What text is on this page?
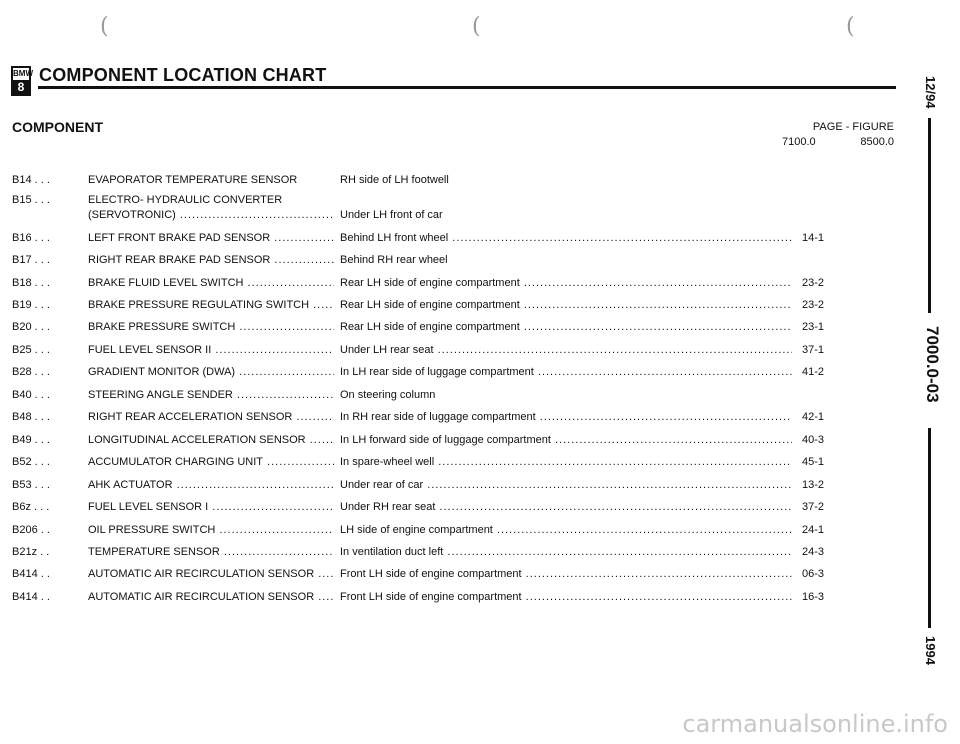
(	(	(
BMW
8
COMPONENT LOCATION CHART
COMPONENT	PAGE - FIGURE
7100.0	8500.0
B14 . . .	EVAPORATOR TEMPERATURE SENSOR	RH side of LH footwell
B15 . . .	ELECTRO- HYDRAULIC CONVERTER
(SERVOTRONIC) .....	Under LH front of car
B16 . . .	LEFT FRONT BRAKE PAD SENSOR .....	Behind LH front wheel .....	14-1
B17 . . .	RIGHT REAR BRAKE PAD SENSOR .....	Behind RH rear wheel
B18 . . .	BRAKE FLUID LEVEL SWITCH .....	Rear LH side of engine compartment .....	23-2
B19 . . .	BRAKE PRESSURE REGULATING SWITCH .....	Rear LH side of engine compartment .....	23-2
B20 . . .	BRAKE PRESSURE SWITCH .....	Rear LH side of engine compartment .....	23-1
B25 . . .	FUEL LEVEL SENSOR II .....	Under LH rear seat .....	37-1
B28 . . .	GRADIENT MONITOR (DWA) .....	In LH rear side of luggage compartment .....	41-2
B40 . . .	STEERING ANGLE SENDER .....	On steering column
B48 . . .	RIGHT REAR ACCELERATION SENSOR .....	In RH rear side of luggage compartment .....	42-1
B49 . . .	LONGITUDINAL ACCELERATION SENSOR .....	In LH forward side of luggage compartment .....	40-3
B52 . . .	ACCUMULATOR CHARGING UNIT .....	In spare-wheel well .....	45-1
B53 . . .	AHK ACTUATOR .....	Under rear of car .....	13-2
B6z . . .	FUEL LEVEL SENSOR I .....	Under RH rear seat .....	37-2
B206 . .	OIL PRESSURE SWITCH .....	LH side of engine compartment .....	24-1
B21z . .	TEMPERATURE SENSOR .....	In ventilation duct left .....	24-3
B414 . .	AUTOMATIC AIR RECIRCULATION SENSOR .....	Front LH side of engine compartment .....	06-3
B414 . .	AUTOMATIC AIR RECIRCULATION SENSOR .....	Front LH side of engine compartment .....	16-3
12/94
7000.0-03
1994
carmanualsonline.info
